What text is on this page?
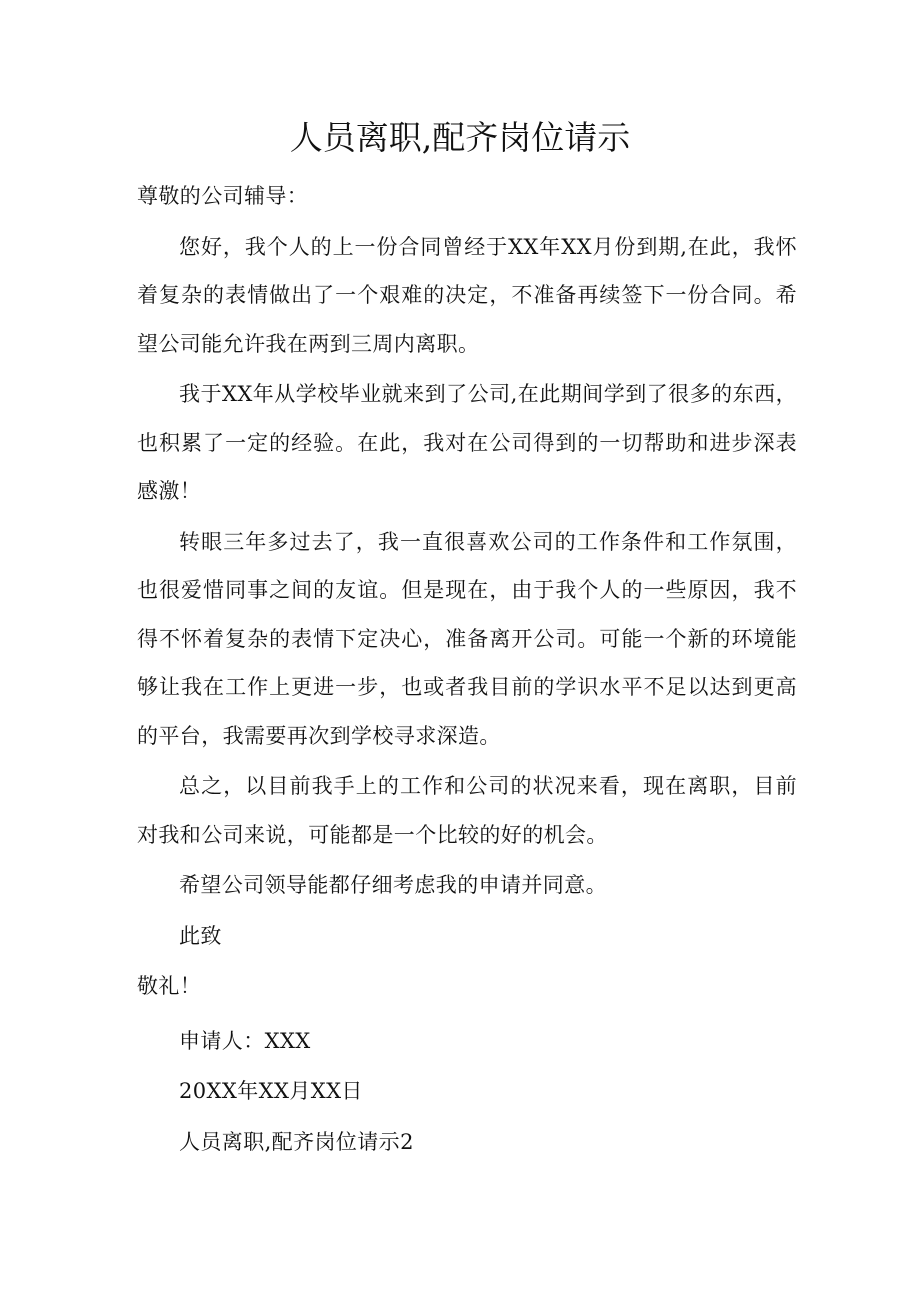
人员离职,配齐岗位请示

尊敬的公司辅导：

您好，我个人的上一份合同曾经于XX年XX月份到期,在此，我怀着复杂的表情做出了一个艰难的决定，不准备再续签下一份合同。希望公司能允许我在两到三周内离职。

我于XX年从学校毕业就来到了公司,在此期间学到了很多的东西，也积累了一定的经验。在此，我对在公司得到的一切帮助和进步深表感激！

转眼三年多过去了，我一直很喜欢公司的工作条件和工作氛围，也很爱惜同事之间的友谊。但是现在，由于我个人的一些原因，我不得不怀着复杂的表情下定决心，准备离开公司。可能一个新的环境能够让我在工作上更进一步，也或者我目前的学识水平不足以达到更高的平台，我需要再次到学校寻求深造。

总之，以目前我手上的工作和公司的状况来看，现在离职，目前对我和公司来说，可能都是一个比较的好的机会。

希望公司领导能都仔细考虑我的申请并同意。

此致

敬礼！

申请人：XXX

20XX年XX月XX日

人员离职,配齐岗位请示2
